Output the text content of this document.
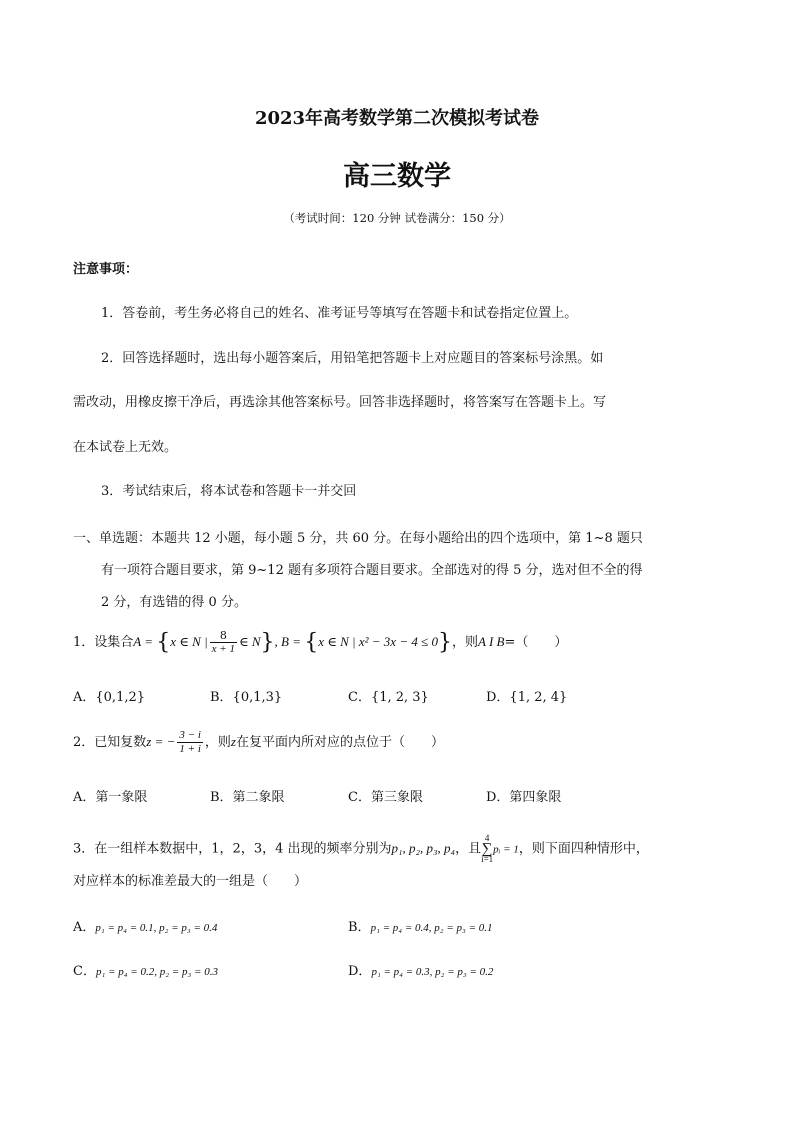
2023年高考数学第二次模拟考试卷
高三数学
（考试时间：120 分钟 试卷满分：150 分）
注意事项：
1．答卷前，考生务必将自己的姓名、准考证号等填写在答题卡和试卷指定位置上。
2．回答选择题时，选出每小题答案后，用铅笔把答题卡上对应题目的答案标号涂黑。如
需改动，用橡皮擦干净后，再选涂其他答案标号。回答非选择题时，将答案写在答题卡上。写
在本试卷上无效。
3．考试结束后，将本试卷和答题卡一并交回
一、单选题：本题共 12 小题，每小题 5 分，共 60 分。在每小题给出的四个选项中，第 1~8 题只
有一项符合题目要求，第 9~12 题有多项符合题目要求。全部选对的得 5 分，选对但不全的得
2 分，有选错的得 0 分。
1．设集合A = {x ∈ N | $\frac{8}{x + 1}$ ∈ N}, B = {x ∈ N | x² − 3x − 4 ≤ 0}，则A I B=（　　）
A．{0,1,2}	B．{0,1,3}	C．{1, 2, 3}	D．{1, 2, 4}
2．已知复数z = − $\frac{3 - i}{1 + i}$ ，则z在复平面内所对应的点位于（　　）
A．第一象限	B．第二象限	C．第三象限	D．第四象限
3．在一组样本数据中，1，2，3，4 出现的频率分别为p₁, p₂, p₃, p₄，且4
∑
i=1pᵢ = 1，则下面四种情形中，
对应样本的标准差最大的一组是（　　）
A．p₁ = p₄ = 0.1, p₂ = p₃ = 0.4	B．p₁ = p₄ = 0.4, p₂ = p₃ = 0.1
C．p₁ = p₄ = 0.2, p₂ = p₃ = 0.3	D．p₁ = p₄ = 0.3, p₂ = p₃ = 0.2
